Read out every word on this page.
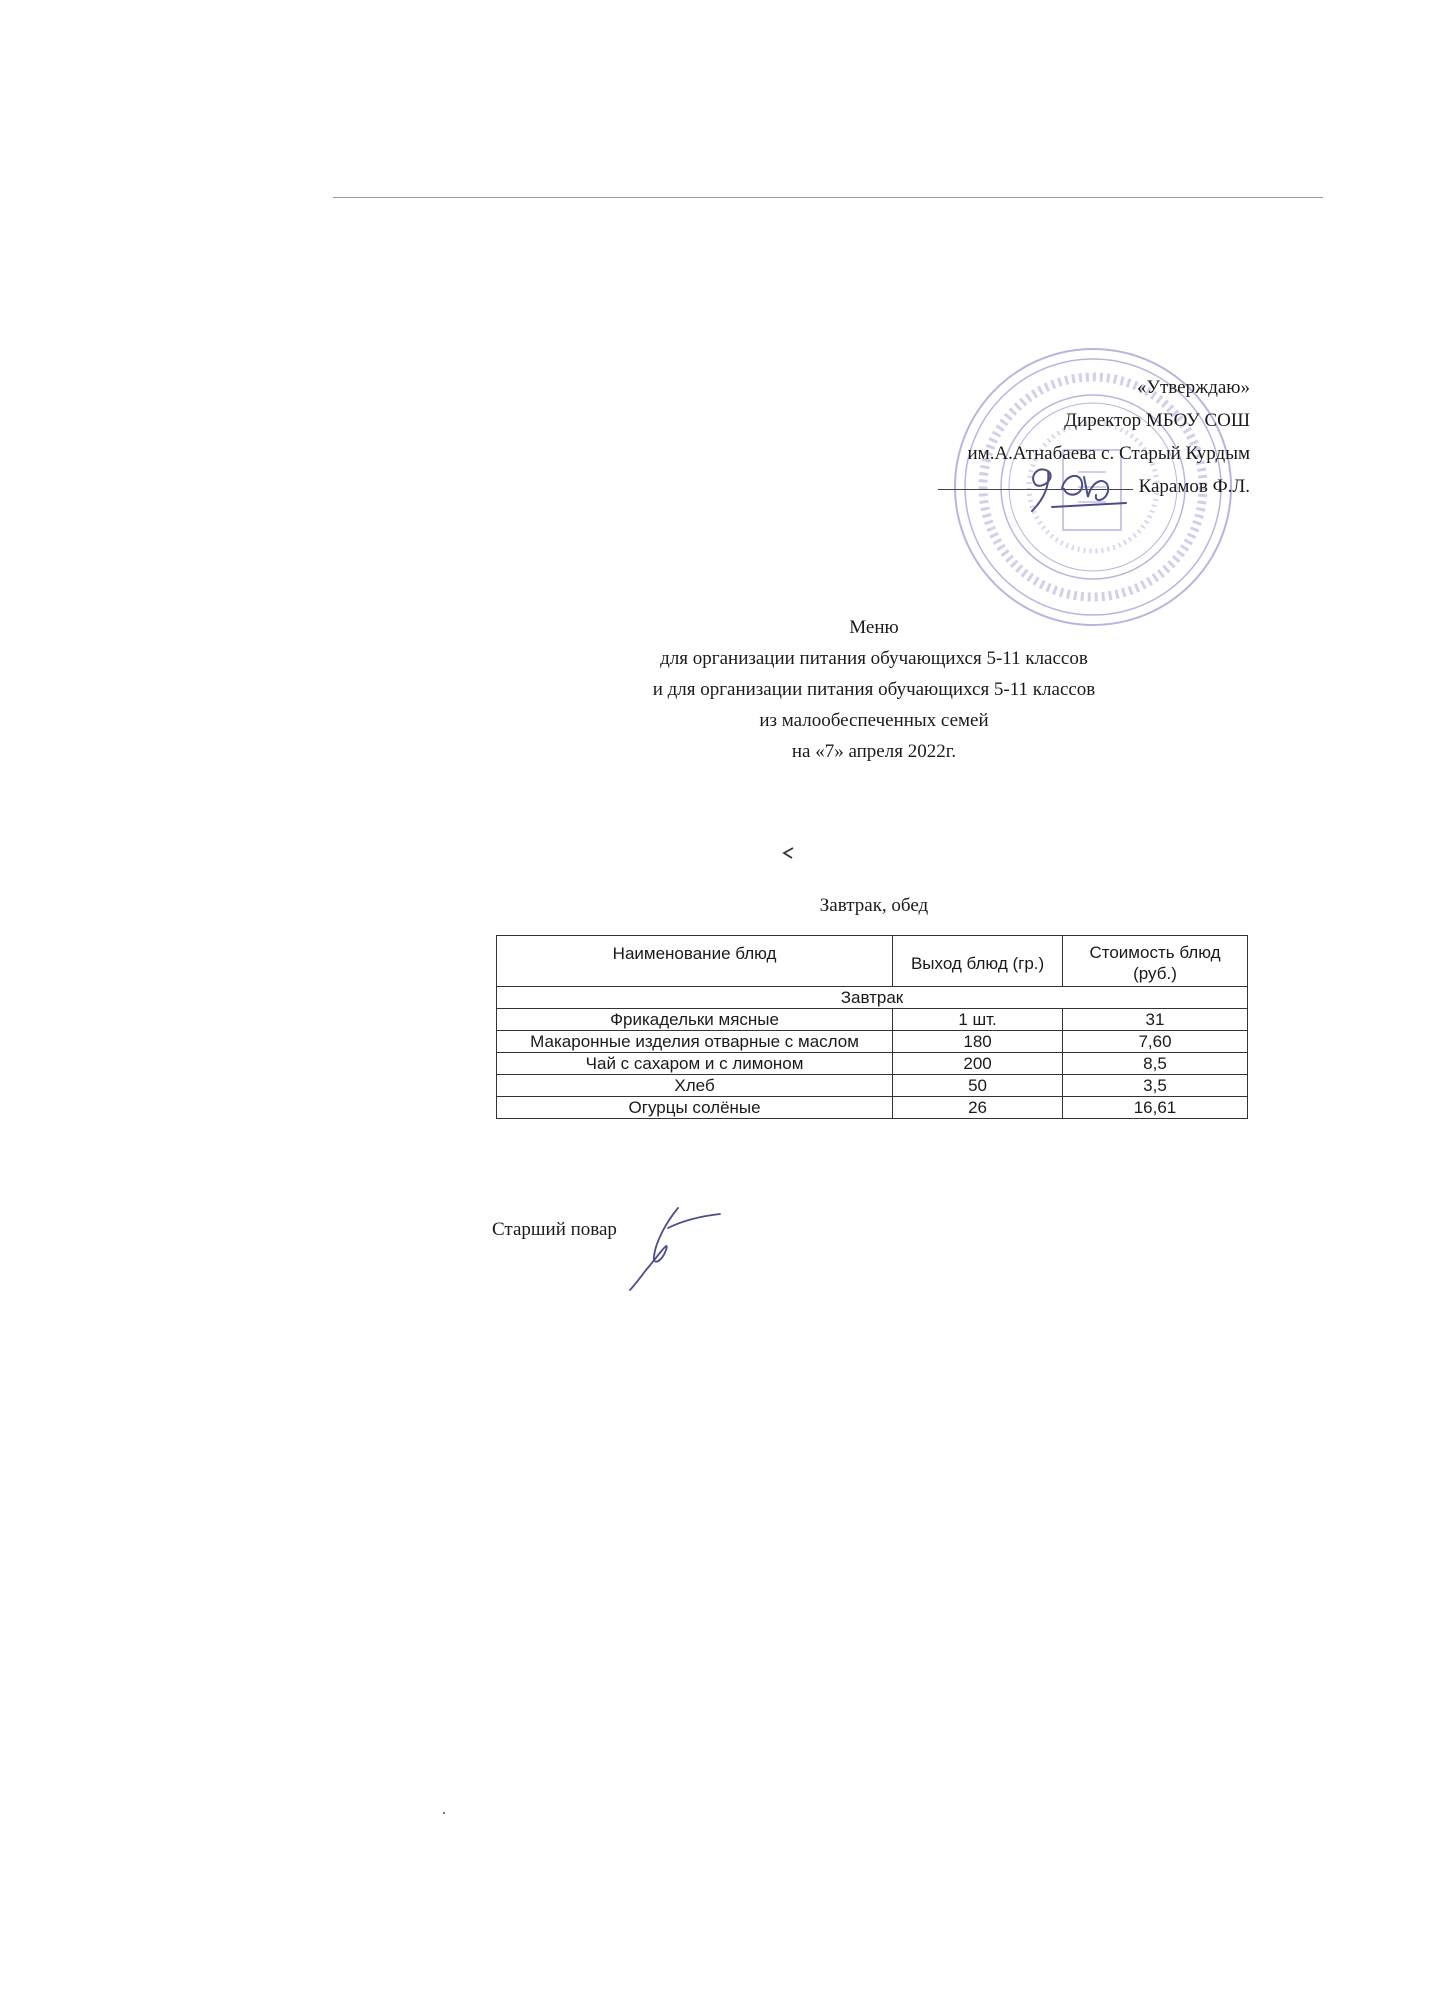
«Утверждаю»
Директор МБОУ СОШ
им.А.Атнабаева с. Старый Курдым
Карамов Ф.Л.
Меню
для организации питания обучающихся 5-11 классов
и для организации питания обучающихся 5-11 классов
из малообеспеченных семей
на «7» апреля 2022г.
Завтрак, обед
Наименование блюд	Выход блюд (гр.)	Стоимость блюд (руб.)
Завтрак		
Фрикадельки мясные	1 шт.	31
Макаронные изделия отварные с маслом	180	7,60
Чай с сахаром и с лимоном	200	8,5
Хлеб	50	3,5
Огурцы солёные	26	16,61
Старший повар
